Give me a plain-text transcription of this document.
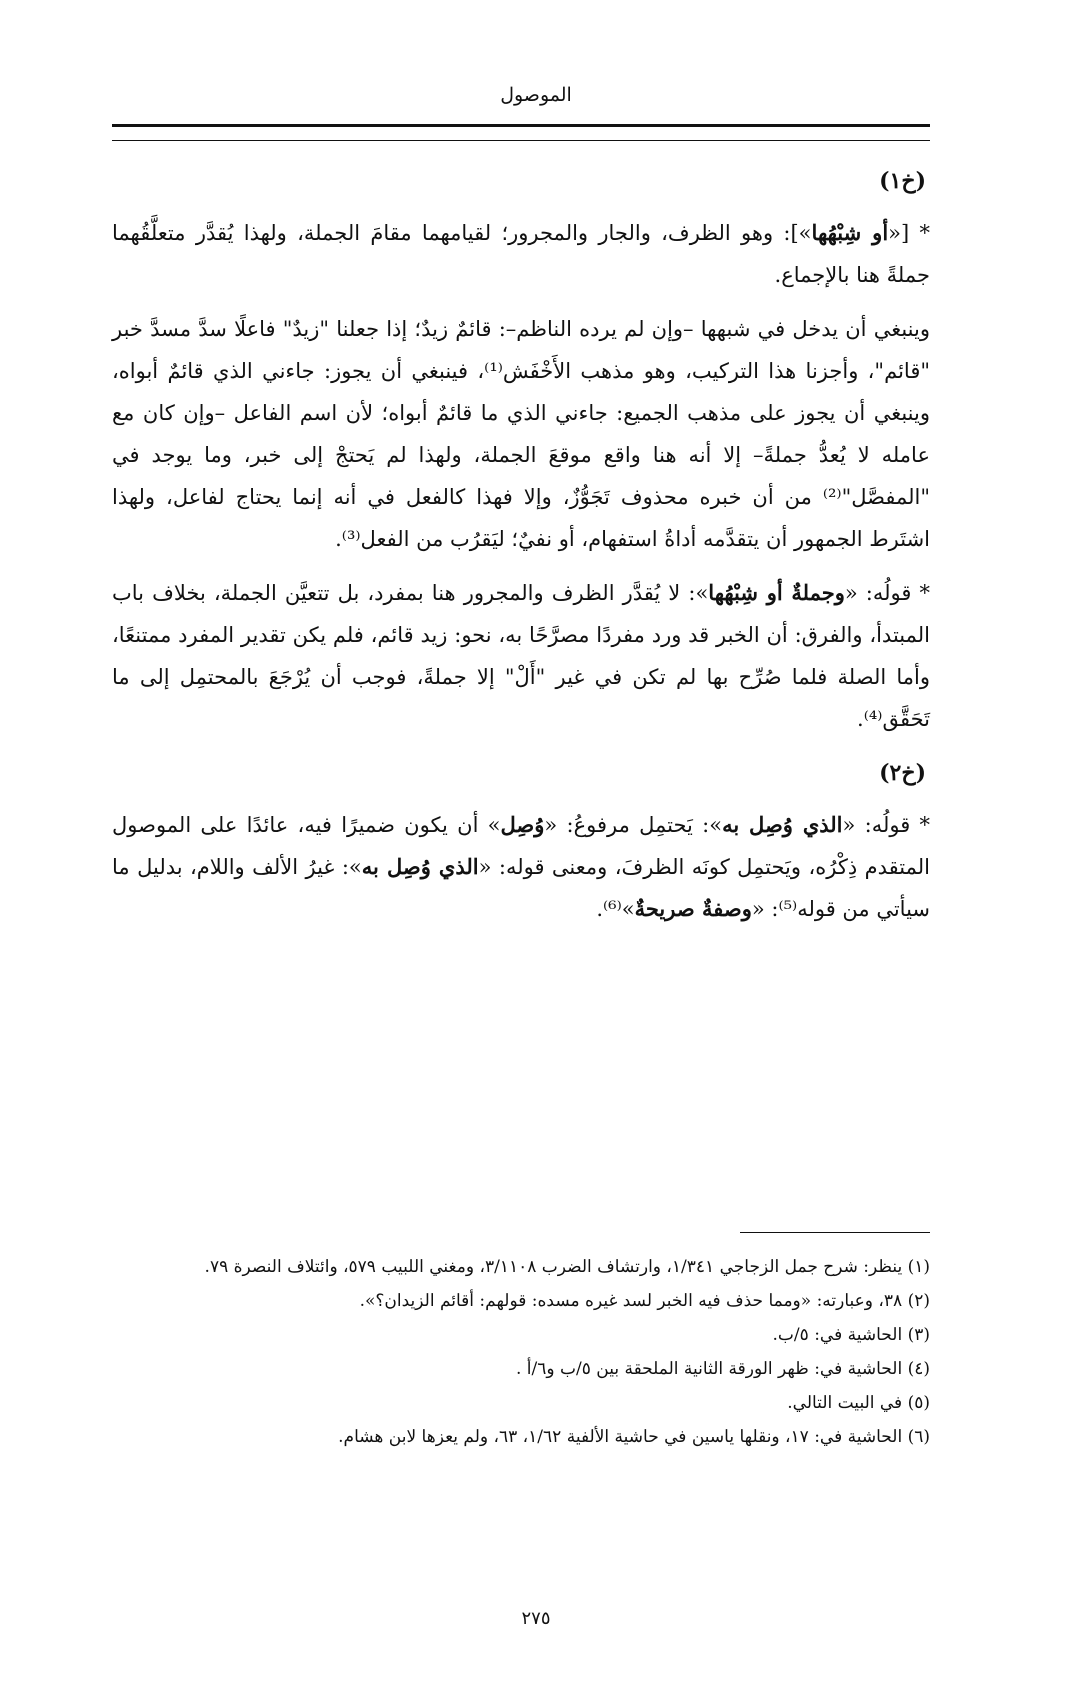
الموصول
(خ١)

* [«أو شِبْهُها»]: وهو الظرف، والجار والمجرور؛ لقيامهما مقامَ الجملة، ولهذا يُقدَّر متعلَّقُهما جملةً هنا بالإجماع.

وينبغي أن يدخل في شبهها –وإن لم يرده الناظم–: قائمٌ زيدٌ؛ إذا جعلنا "زيدٌ" فاعلًا سدَّ مسدَّ خبر "قائم"، وأجزنا هذا التركيب، وهو مذهب الأَخْفَش⁽¹⁾، فينبغي أن يجوز: جاءني الذي قائمٌ أبواه، وينبغي أن يجوز على مذهب الجميع: جاءني الذي ما قائمٌ أبواه؛ لأن اسم الفاعل –وإن كان مع عامله لا يُعدُّ جملةً– إلا أنه هنا واقع موقعَ الجملة، ولهذا لم يَحتجْ إلى خبر، وما يوجد في "المفصَّل"⁽²⁾ من أن خبره محذوف تَجَوُّزٌ، وإلا فهذا كالفعل في أنه إنما يحتاج لفاعل، ولهذا اشتَرط الجمهور أن يتقدَّمه أداةُ استفهام، أو نفيٌ؛ ليَقرُب من الفعل⁽³⁾.

* قولُه: «وجملةٌ أو شِبْهُها»: لا يُقدَّر الظرف والمجرور هنا بمفرد، بل تتعيَّن الجملة، بخلاف باب المبتدأ، والفرق: أن الخبر قد ورد مفردًا مصرَّحًا به، نحو: زيد قائم، فلم يكن تقدير المفرد ممتنعًا، وأما الصلة فلما صُرِّح بها لم تكن في غير "أَلْ" إلا جملةً، فوجب أن يُرْجَعَ بالمحتمِل إلى ما تَحَقَّق⁽⁴⁾.

(خ٢)

* قولُه: «الذي وُصِل به»: يَحتمِل مرفوعُ: «وُصِل» أن يكون ضميرًا فيه، عائدًا على الموصول المتقدم ذِكْرُه، ويَحتمِل كونَه الظرفَ، ومعنى قوله: «الذي وُصِل به»: غيرُ الألف واللام، بدليل ما سيأتي من قوله⁽⁵⁾: «وصفةٌ صريحةٌ»⁽⁶⁾.

(١) ينظر: شرح جمل الزجاجي ١/٣٤١، وارتشاف الضرب ٣/١١٠٨، ومغني اللبيب ٥٧٩، وائتلاف النصرة ٧٩.

(٢) ٣٨، وعبارته: «ومما حذف فيه الخبر لسد غيره مسده: قولهم: أقائم الزيدان؟».

(٣) الحاشية في: ٥/ب.

(٤) الحاشية في: ظهر الورقة الثانية الملحقة بين ٥/ب و٦/أ .

(٥) في البيت التالي.

(٦) الحاشية في: ١٧، ونقلها ياسين في حاشية الألفية ١/٦٢، ٦٣، ولم يعزها لابن هشام.

٢٧٥
